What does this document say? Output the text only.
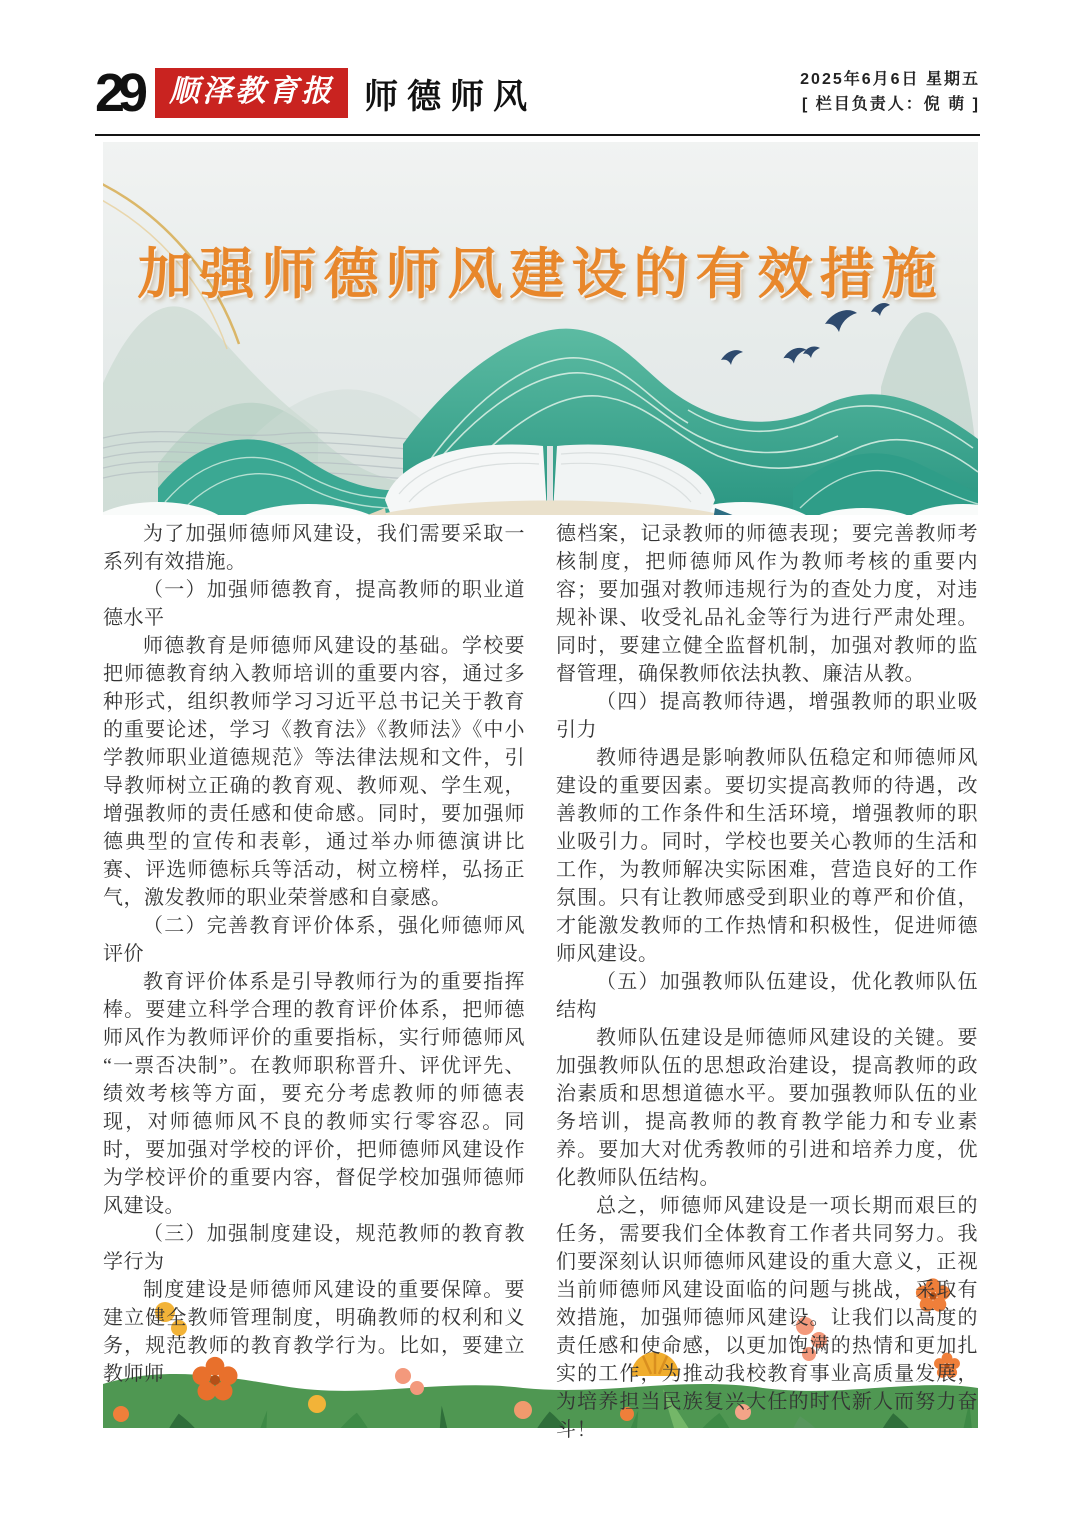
29 顺泽教育报 师德师风	2025年6月6日 星期五
[ 栏目负责人：倪 萌 ]
加强师德师风建设的有效措施

为了加强师德师风建设，我们需要采取一系列有效措施。

（一）加强师德教育，提高教师的职业道德水平

师德教育是师德师风建设的基础。学校要把师德教育纳入教师培训的重要内容，通过多种形式，组织教师学习习近平总书记关于教育的重要论述，学习《教育法》《教师法》《中小学教师职业道德规范》等法律法规和文件，引导教师树立正确的教育观、教师观、学生观，增强教师的责任感和使命感。同时，要加强师德典型的宣传和表彰，通过举办师德演讲比赛、评选师德标兵等活动，树立榜样，弘扬正气，激发教师的职业荣誉感和自豪感。

（二）完善教育评价体系，强化师德师风评价

教育评价体系是引导教师行为的重要指挥棒。要建立科学合理的教育评价体系，把师德师风作为教师评价的重要指标，实行师德师风“一票否决制”。在教师职称晋升、评优评先、绩效考核等方面，要充分考虑教师的师德表现，对师德师风不良的教师实行零容忍。同时，要加强对学校的评价，把师德师风建设作为学校评价的重要内容，督促学校加强师德师风建设。

（三）加强制度建设，规范教师的教育教学行为

制度建设是师德师风建设的重要保障。要建立健全教师管理制度，明确教师的权利和义务，规范教师的教育教学行为。比如，要建立教师师

德档案，记录教师的师德表现；要完善教师考核制度，把师德师风作为教师考核的重要内容；要加强对教师违规行为的查处力度，对违规补课、收受礼品礼金等行为进行严肃处理。同时，要建立健全监督机制，加强对教师的监督管理，确保教师依法执教、廉洁从教。

（四）提高教师待遇，增强教师的职业吸引力

教师待遇是影响教师队伍稳定和师德师风建设的重要因素。要切实提高教师的待遇，改善教师的工作条件和生活环境，增强教师的职业吸引力。同时，学校也要关心教师的生活和工作，为教师解决实际困难，营造良好的工作氛围。只有让教师感受到职业的尊严和价值，才能激发教师的工作热情和积极性，促进师德师风建设。

（五）加强教师队伍建设，优化教师队伍结构

教师队伍建设是师德师风建设的关键。要加强教师队伍的思想政治建设，提高教师的政治素质和思想道德水平。要加强教师队伍的业务培训，提高教师的教育教学能力和专业素养。要加大对优秀教师的引进和培养力度，优化教师队伍结构。

总之，师德师风建设是一项长期而艰巨的任务，需要我们全体教育工作者共同努力。我们要深刻认识师德师风建设的重大意义，正视当前师德师风建设面临的问题与挑战，采取有效措施，加强师德师风建设。让我们以高度的责任感和使命感，以更加饱满的热情和更加扎实的工作，为推动我校教育事业高质量发展，为培养担当民族复兴大任的时代新人而努力奋斗！
